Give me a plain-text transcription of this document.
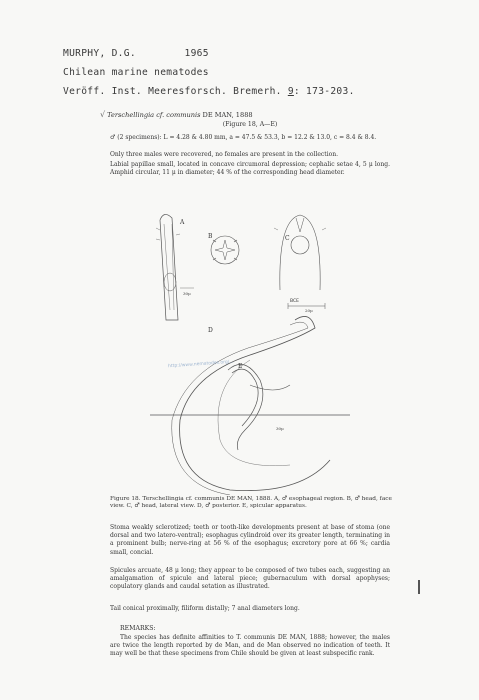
MURPHY, D.G.        1965
Chilean marine nematodes
Veröff. Inst. Meeresforsch. Bremerh. 9: 173-203.
√ Terschellingia cf. communis DE MAN, 1888
(Figure 18, A—E)
♂ (2 specimens): L = 4.28 & 4.80 mm, a = 47.5 & 53.3, b = 12.2 & 13.0, c = 8.4 & 8.4.
Only three males were recovered, no females are present in the collection.
Labial papillae small, located in concave circumoral depression; cephalic setae 4, 5 μ long. Amphid circular, 11 μ in diameter; 44 % of the corresponding head diameter.
A
30μ
B	C
BCE
20μ
D
30μ
E
http://www.nematodes.org/...
Figure 18. Terschellingia cf. communis DE MAN, 1888. A, ♂ esophageal region. B, ♂ head, face view. C, ♂ head, lateral view. D, ♂ posterior. E, spicular apparatus.
Stoma weakly sclerotized; teeth or tooth-like developments present at base of stoma (one dorsal and two latero-ventral); esophagus cylindroid over its greater length, terminating in a prominent bulb; nerve-ring at 56 % of the esophagus; excretory pore at 66 %; cardia small, concial.
Spicules arcuate, 48 μ long; they appear to be composed of two tubes each, suggesting an amalgamation of spicule and lateral piece; gubernaculum with dorsal apophyses; copulatory glands and caudal setation as illustrated.
Tail conical proximally, filiform distally; 7 anal diameters long.
REMARKS:
The species has definite affinities to T. communis DE MAN, 1888; however, the males are twice the length reported by de Man, and de Man observed no indication of teeth. It may well be that these specimens from Chile should be given at least subspecific rank.
